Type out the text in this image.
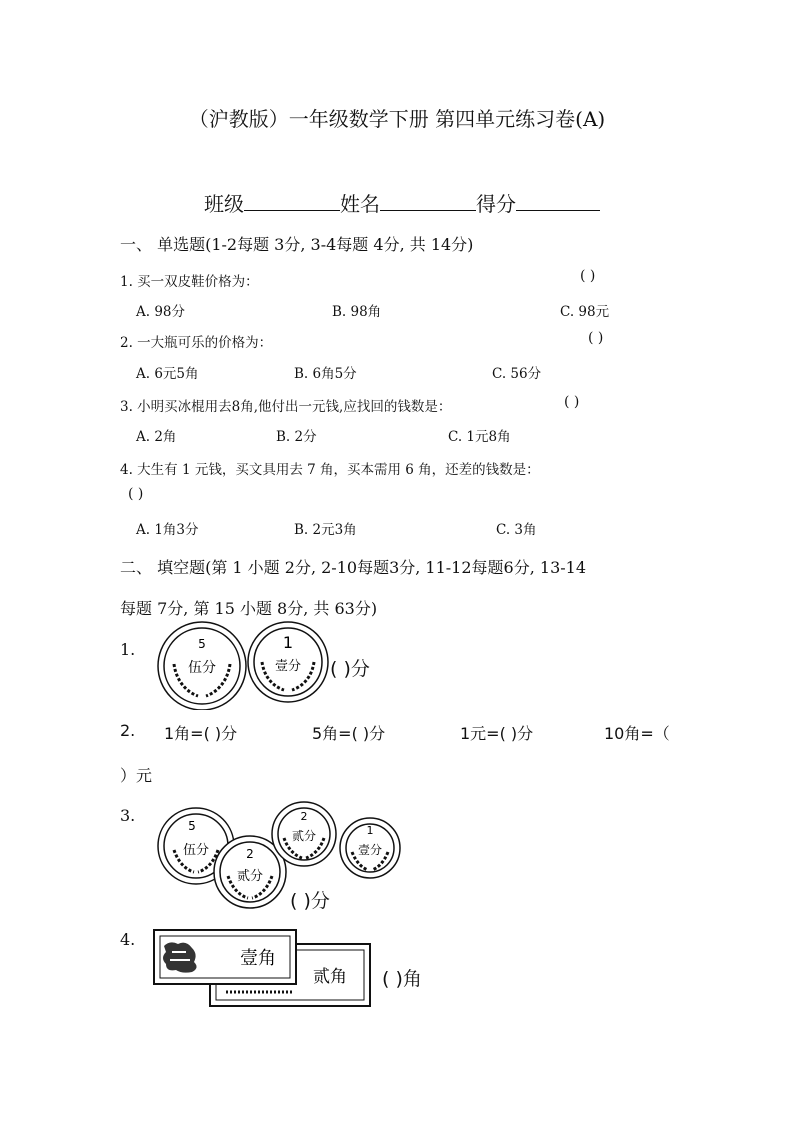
（沪教版）一年级数学下册 第四单元练习卷(A)
班级	姓名	得分
一、 单选题(1-2每题 3分, 3-4每题 4分, 共 14分)
1. 买一双皮鞋价格为：	( )
A. 98分	B. 98角	C. 98元
2. 一大瓶可乐的价格为：	( )
A. 6元5角	B. 6角5分	C. 56分
3. 小明买冰棍用去8角,他付出一元钱,应找回的钱数是：	( )
A. 2角	B. 2分	C. 1元8角
4. 大生有 1 元钱，买文具用去 7 角，买本需用 6 角，还差的钱数是：
( )
A. 1角3分	B. 2元3角	C. 3角
二、 填空题(第 1 小题 2分, 2-10每题3分, 11-12每题6分, 13-14
每题 7分, 第 15 小题 8分, 共 63分)
1.	5
伍分
1
壹分 ( )分
2. 1角=( )分	5角=( )分	1元=( )分	10角=（
）元
3.
5
伍分	2
贰分
2
贰分	1
壹分
( )分
4.
贰角
壹角
( )角
